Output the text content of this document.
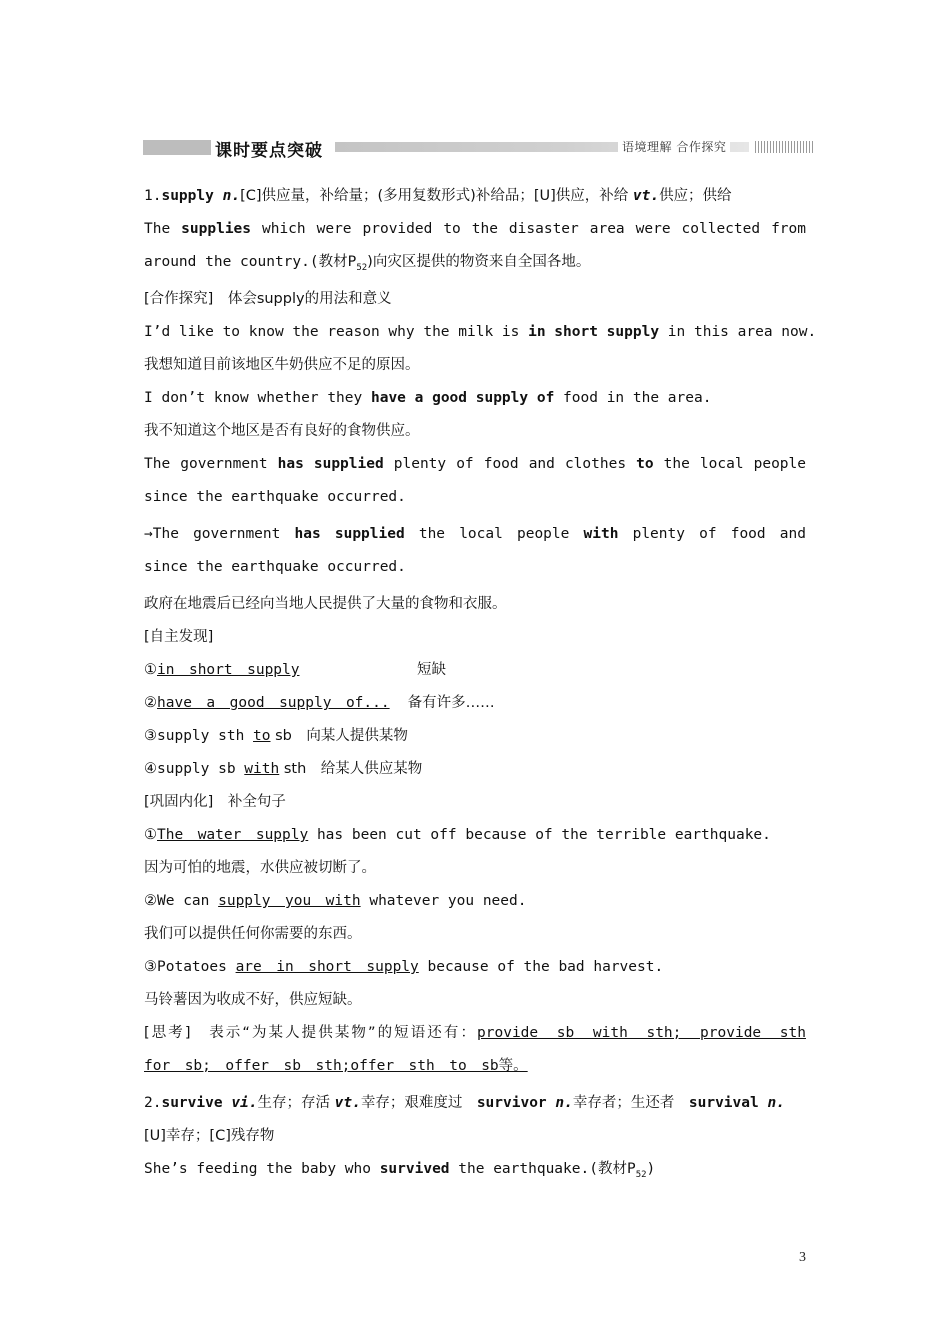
课时要点突破	语境理解 合作探究
1.supply n.[C]供应量，补给量；(多用复数形式)补给品；[U]供应，补给 vt.供应；供给
The supplies which were provided to the disaster area were collected from
around the country.(教材$P_{52}$)向灾区提供的物资来自全国各地。
[合作探究]　体会supply的用法和意义
I’d like to know the reason why the milk is in short supply in this area now.
我想知道目前该地区牛奶供应不足的原因。
I don’t know whether they have a good supply of food in the area.
我不知道这个地区是否有良好的食物供应。
The government has supplied plenty of food and clothes to the local people
since the earthquake occurred.
→The government has supplied the local people with plenty of food and
since the earthquake occurred.
政府在地震后已经向当地人民提供了大量的食物和衣服。
[自主发现]
①in　short　supply	短缺
②have　a　good　supply　of... 备有许多……
③supply sth to sb　向某人提供某物
④supply sb with sth　给某人供应某物
[巩固内化]　补全句子
①The　water　supply has been cut off because of the terrible earthquake.
因为可怕的地震，水供应被切断了。
②We can supply　you　with whatever you need.
我们可以提供任何你需要的东西。
③Potatoes are　in　short　supply because of the bad harvest.
马铃薯因为收成不好，供应短缺。
[思考]　表示“为某人提供某物”的短语还有：provide　sb　with　sth;　provide　sth
for　sb;　offer　sb　sth;offer　sth　to　sb等。
2.survive vi.生存；存活 vt.幸存；艰难度过　survivor n.幸存者；生还者　survival n.
[U]幸存；[C]残存物
She’s feeding the baby who survived the earthquake.(教材$P_{52}$)
3
